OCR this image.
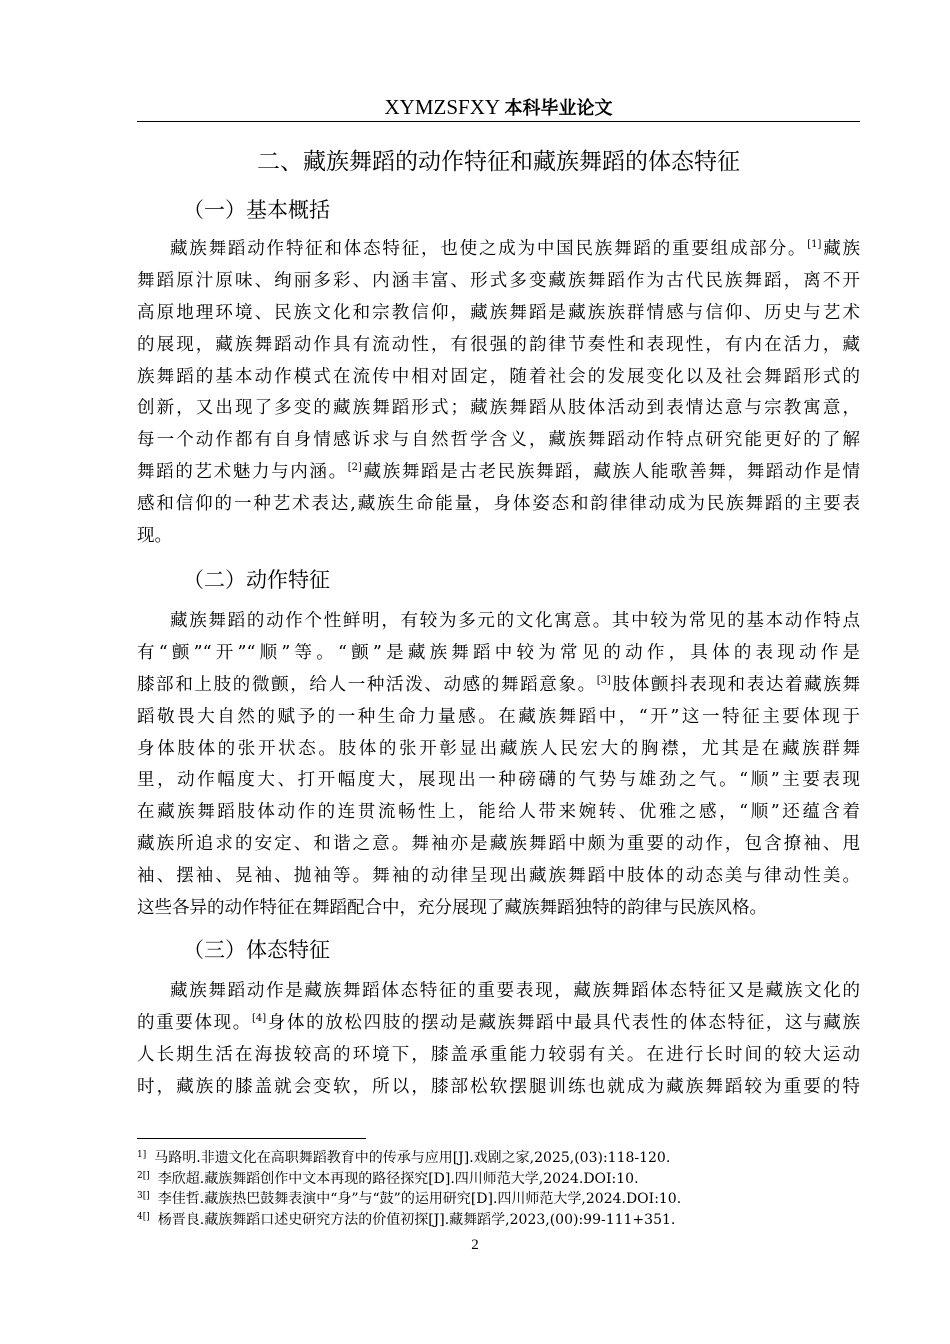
XYMZSFXY 本科毕业论文
二、藏族舞蹈的动作特征和藏族舞蹈的体态特征
（一）基本概括
藏族舞蹈动作特征和体态特征，也使之成为中国民族舞蹈的重要组成部分。[1]藏族
舞蹈原汁原味、绚丽多彩、内涵丰富、形式多变藏族舞蹈作为古代民族舞蹈，离不开
高原地理环境、民族文化和宗教信仰，藏族舞蹈是藏族族群情感与信仰、历史与艺术
的展现，藏族舞蹈动作具有流动性，有很强的韵律节奏性和表现性，有内在活力，藏
族舞蹈的基本动作模式在流传中相对固定，随着社会的发展变化以及社会舞蹈形式的
创新，又出现了多变的藏族舞蹈形式；藏族舞蹈从肢体活动到表情达意与宗教寓意，
每一个动作都有自身情感诉求与自然哲学含义，藏族舞蹈动作特点研究能更好的了解
舞蹈的艺术魅力与内涵。[2]藏族舞蹈是古老民族舞蹈，藏族人能歌善舞，舞蹈动作是情
感和信仰的一种艺术表达,藏族生命能量，身体姿态和韵律律动成为民族舞蹈的主要表
现。
（二）动作特征
藏族舞蹈的动作个性鲜明，有较为多元的文化寓意。其中较为常见的基本动作特点
有“颤”“开”“顺”等。“颤”是藏族舞蹈中较为常见的动作，具体的表现动作是
膝部和上肢的微颤，给人一种活泼、动感的舞蹈意象。[3]肢体颤抖表现和表达着藏族舞
蹈敬畏大自然的赋予的一种生命力量感。在藏族舞蹈中，“开”这一特征主要体现于
身体肢体的张开状态。肢体的张开彰显出藏族人民宏大的胸襟，尤其是在藏族群舞
里，动作幅度大、打开幅度大，展现出一种磅礴的气势与雄劲之气。“顺”主要表现
在藏族舞蹈肢体动作的连贯流畅性上，能给人带来婉转、优雅之感，“顺”还蕴含着
藏族所追求的安定、和谐之意。舞袖亦是藏族舞蹈中颇为重要的动作，包含撩袖、甩
袖、摆袖、晃袖、抛袖等。舞袖的动律呈现出藏族舞蹈中肢体的动态美与律动性美。
这些各异的动作特征在舞蹈配合中，充分展现了藏族舞蹈独特的韵律与民族风格。
（三）体态特征
藏族舞蹈动作是藏族舞蹈体态特征的重要表现，藏族舞蹈体态特征又是藏族文化的
的重要体现。[4]身体的放松四肢的摆动是藏族舞蹈中最具代表性的体态特征，这与藏族
人长期生活在海拔较高的环境下，膝盖承重能力较弱有关。在进行长时间的较大运动
时，藏族的膝盖就会变软，所以，膝部松软摆腿训练也就成为藏族舞蹈较为重要的特
$^{1]}$ 马路明.非遗文化在高职舞蹈教育中的传承与应用[J].戏剧之家,2025,(03):118-120.
$^{2[]}$ 李欣超.藏族舞蹈创作中文本再现的路径探究[D].四川师范大学,2024.DOI:10.
$^{3[]}$ 李佳哲.藏族热巴鼓舞表演中“身”与“鼓”的运用研究[D].四川师范大学,2024.DOI:10.
$^{4[]}$ 杨晋良.藏族舞蹈口述史研究方法的价值初探[J].藏舞蹈学,2023,(00):99-111+351.
2
